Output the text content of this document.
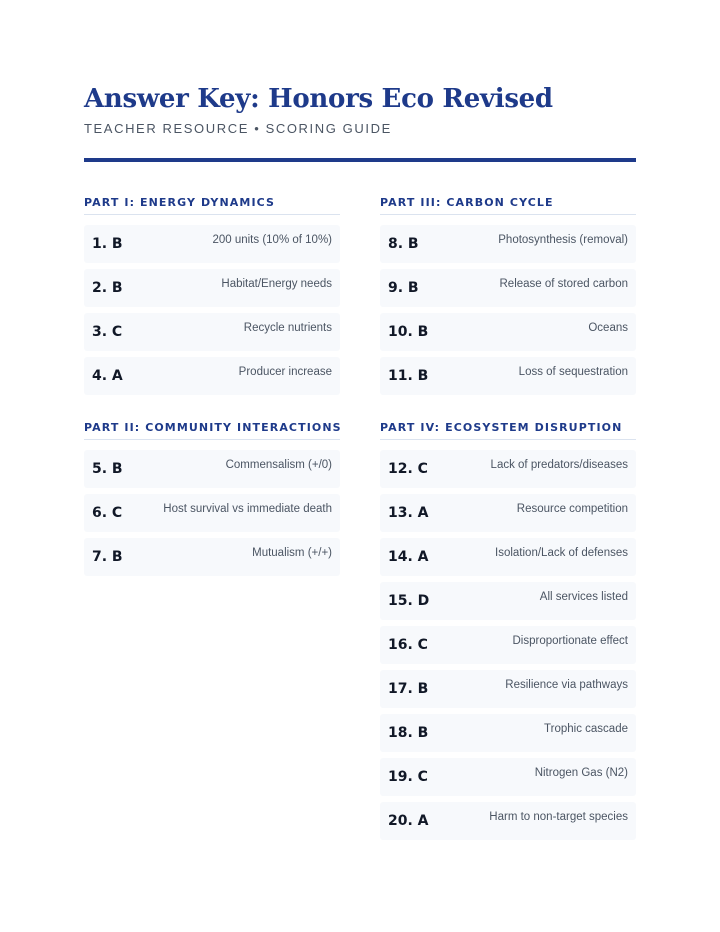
Answer Key: Honors Eco Revised
TEACHER RESOURCE • SCORING GUIDE
PART I: ENERGY DYNAMICS
1. B	200 units (10% of 10%)
2. B	Habitat/Energy needs
3. C	Recycle nutrients
4. A	Producer increase
PART II: COMMUNITY INTERACTIONS
5. B	Commensalism (+/0)
6. C	Host survival vs immediate death
7. B	Mutualism (+/+)
PART III: CARBON CYCLE
8. B	Photosynthesis (removal)
9. B	Release of stored carbon
10. B	Oceans
11. B	Loss of sequestration
PART IV: ECOSYSTEM DISRUPTION
12. C	Lack of predators/diseases
13. A	Resource competition
14. A	Isolation/Lack of defenses
15. D	All services listed
16. C	Disproportionate effect
17. B	Resilience via pathways
18. B	Trophic cascade
19. C	Nitrogen Gas (N2)
20. A	Harm to non-target species
